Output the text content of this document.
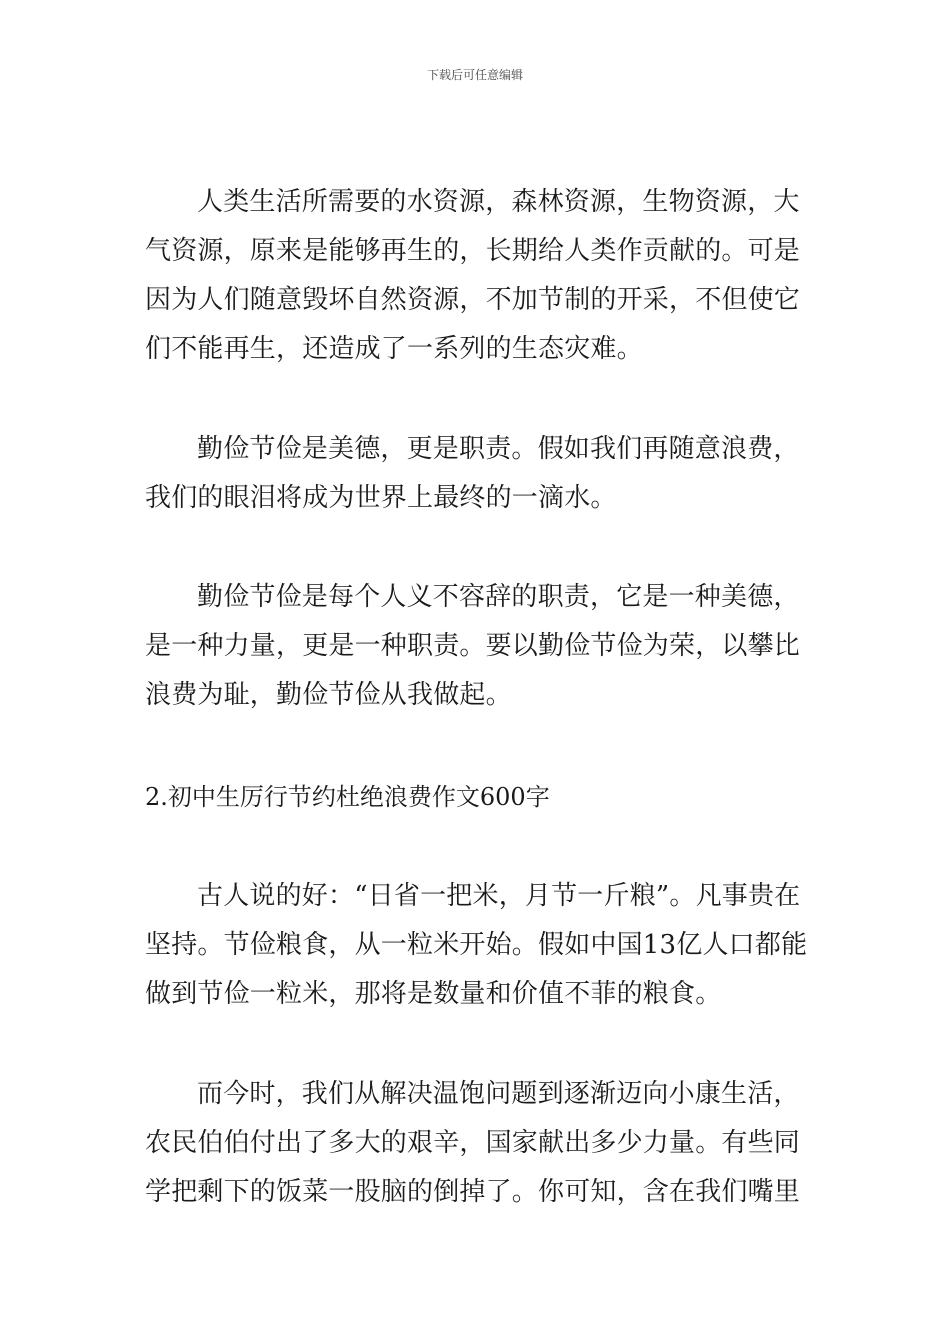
下载后可任意编辑

人类生活所需要的水资源，森林资源，生物资源，大气资源，原来是能够再生的，长期给人类作贡献的。可是因为人们随意毁坏自然资源，不加节制的开采，不但使它们不能再生，还造成了一系列的生态灾难。

勤俭节俭是美德，更是职责。假如我们再随意浪费，我们的眼泪将成为世界上最终的一滴水。

勤俭节俭是每个人义不容辞的职责，它是一种美德，是一种力量，更是一种职责。要以勤俭节俭为荣，以攀比浪费为耻，勤俭节俭从我做起。

2.初中生厉行节约杜绝浪费作文600字

古人说的好：“日省一把米，月节一斤粮”。凡事贵在坚持。节俭粮食，从一粒米开始。假如中国13亿人口都能做到节俭一粒米，那将是数量和价值不菲的粮食。

而今时，我们从解决温饱问题到逐渐迈向小康生活，农民伯伯付出了多大的艰辛，国家献出多少力量。有些同学把剩下的饭菜一股脑的倒掉了。你可知，含在我们嘴里
